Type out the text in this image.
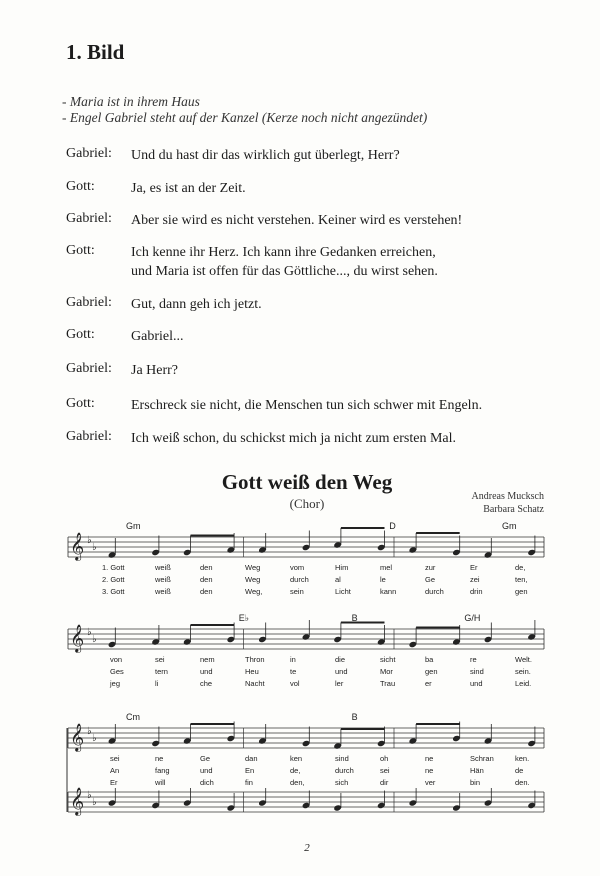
1. Bild
- Maria ist in ihrem Haus
- Engel Gabriel steht auf der Kanzel (Kerze noch nicht angezündet)
Gabriel: Und du hast dir das wirklich gut überlegt, Herr?
Gott:	Ja, es ist an der Zeit.
Gabriel: Aber sie wird es nicht verstehen. Keiner wird es verstehen!
Gott:	Ich kenne ihr Herz. Ich kann ihre Gedanken erreichen,
und Maria ist offen für das Göttliche..., du wirst sehen.
Gabriel: Gut, dann geh ich jetzt.
Gott:	Gabriel...
Gabriel: Ja Herr?
Gott:	Erschreck sie nicht, die Menschen tun sich schwer mit Engeln.
Gabriel: Ich weiß schon, du schickst mich ja nicht zum ersten Mal.
Gott weiß den Weg
(Chor)	Andreas Mucksch
Barbara Schatz
𝄞 ♭
♭
Gm	D	Gm
1. Gott	weiß	den	Weg	vom	Him	mel	zur	Er	de,
2. Gott	weiß	den	Weg	durch	al	le	Ge	zei	ten,
3. Gott	weiß	den	Weg,	sein	Licht	kann	durch	drin	gen
𝄞 ♭
♭
E♭	B	G/H
von	sei	nem	Thron	in	die	sicht	ba	re	Welt.
Ges	tern	und	Heu	te	und	Mor	gen	sind	sein.
jeg	li	che	Nacht	vol	ler	Trau	er	und	Leid.
𝄞 ♭
♭
𝄞 ♭
♭
Cm	B
sei	ne	Ge	dan	ken	sind	oh	ne	Schran	ken.
An	fang	und	En	de,	durch	sei	ne	Hän	de
Er	will	dich	fin	den,	sich	dir	ver	bin	den.
2
